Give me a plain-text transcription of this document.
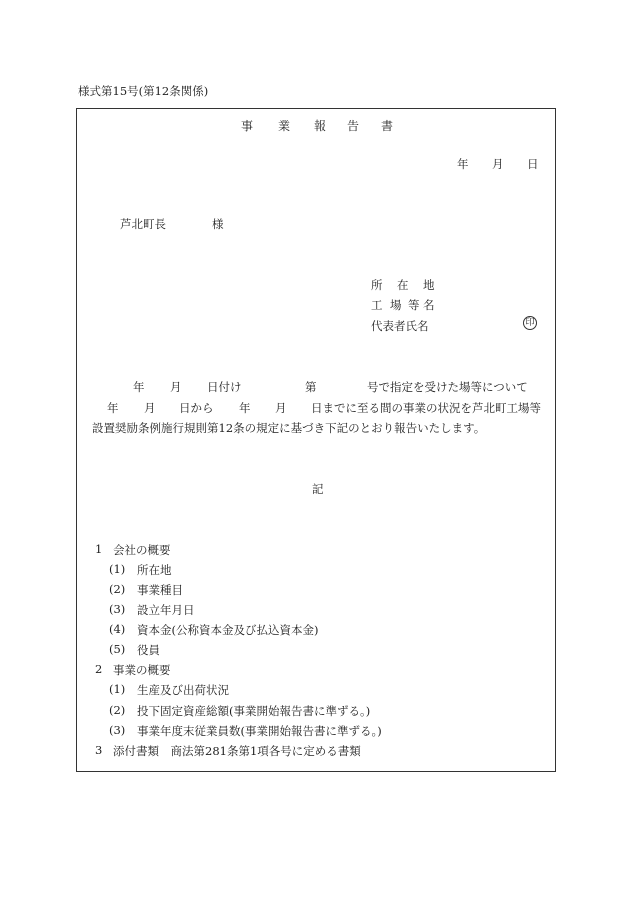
様式第15号(第12条関係)
事 業 報 告 書
年 月 日
芦北町長	様
所 在 地
工 場 等 名
代表者氏名	印
年 月 日付け	第	号で指定を受けた場等について
年 月 日から 年 月 日までに至る間の事業の状況を芦北町工場等
設置奨励条例施行規則第12条の規定に基づき下記のとおり報告いたします。
記
1 会社の概要
(1) 所在地
(2) 事業種目
(3) 設立年月日
(4) 資本金(公称資本金及び払込資本金)
(5) 役員
2 事業の概要
(1) 生産及び出荷状況
(2) 投下固定資産総額(事業開始報告書に準ずる。)
(3) 事業年度末従業員数(事業開始報告書に準ずる。)
3 添付書類　商法第281条第1項各号に定める書類
